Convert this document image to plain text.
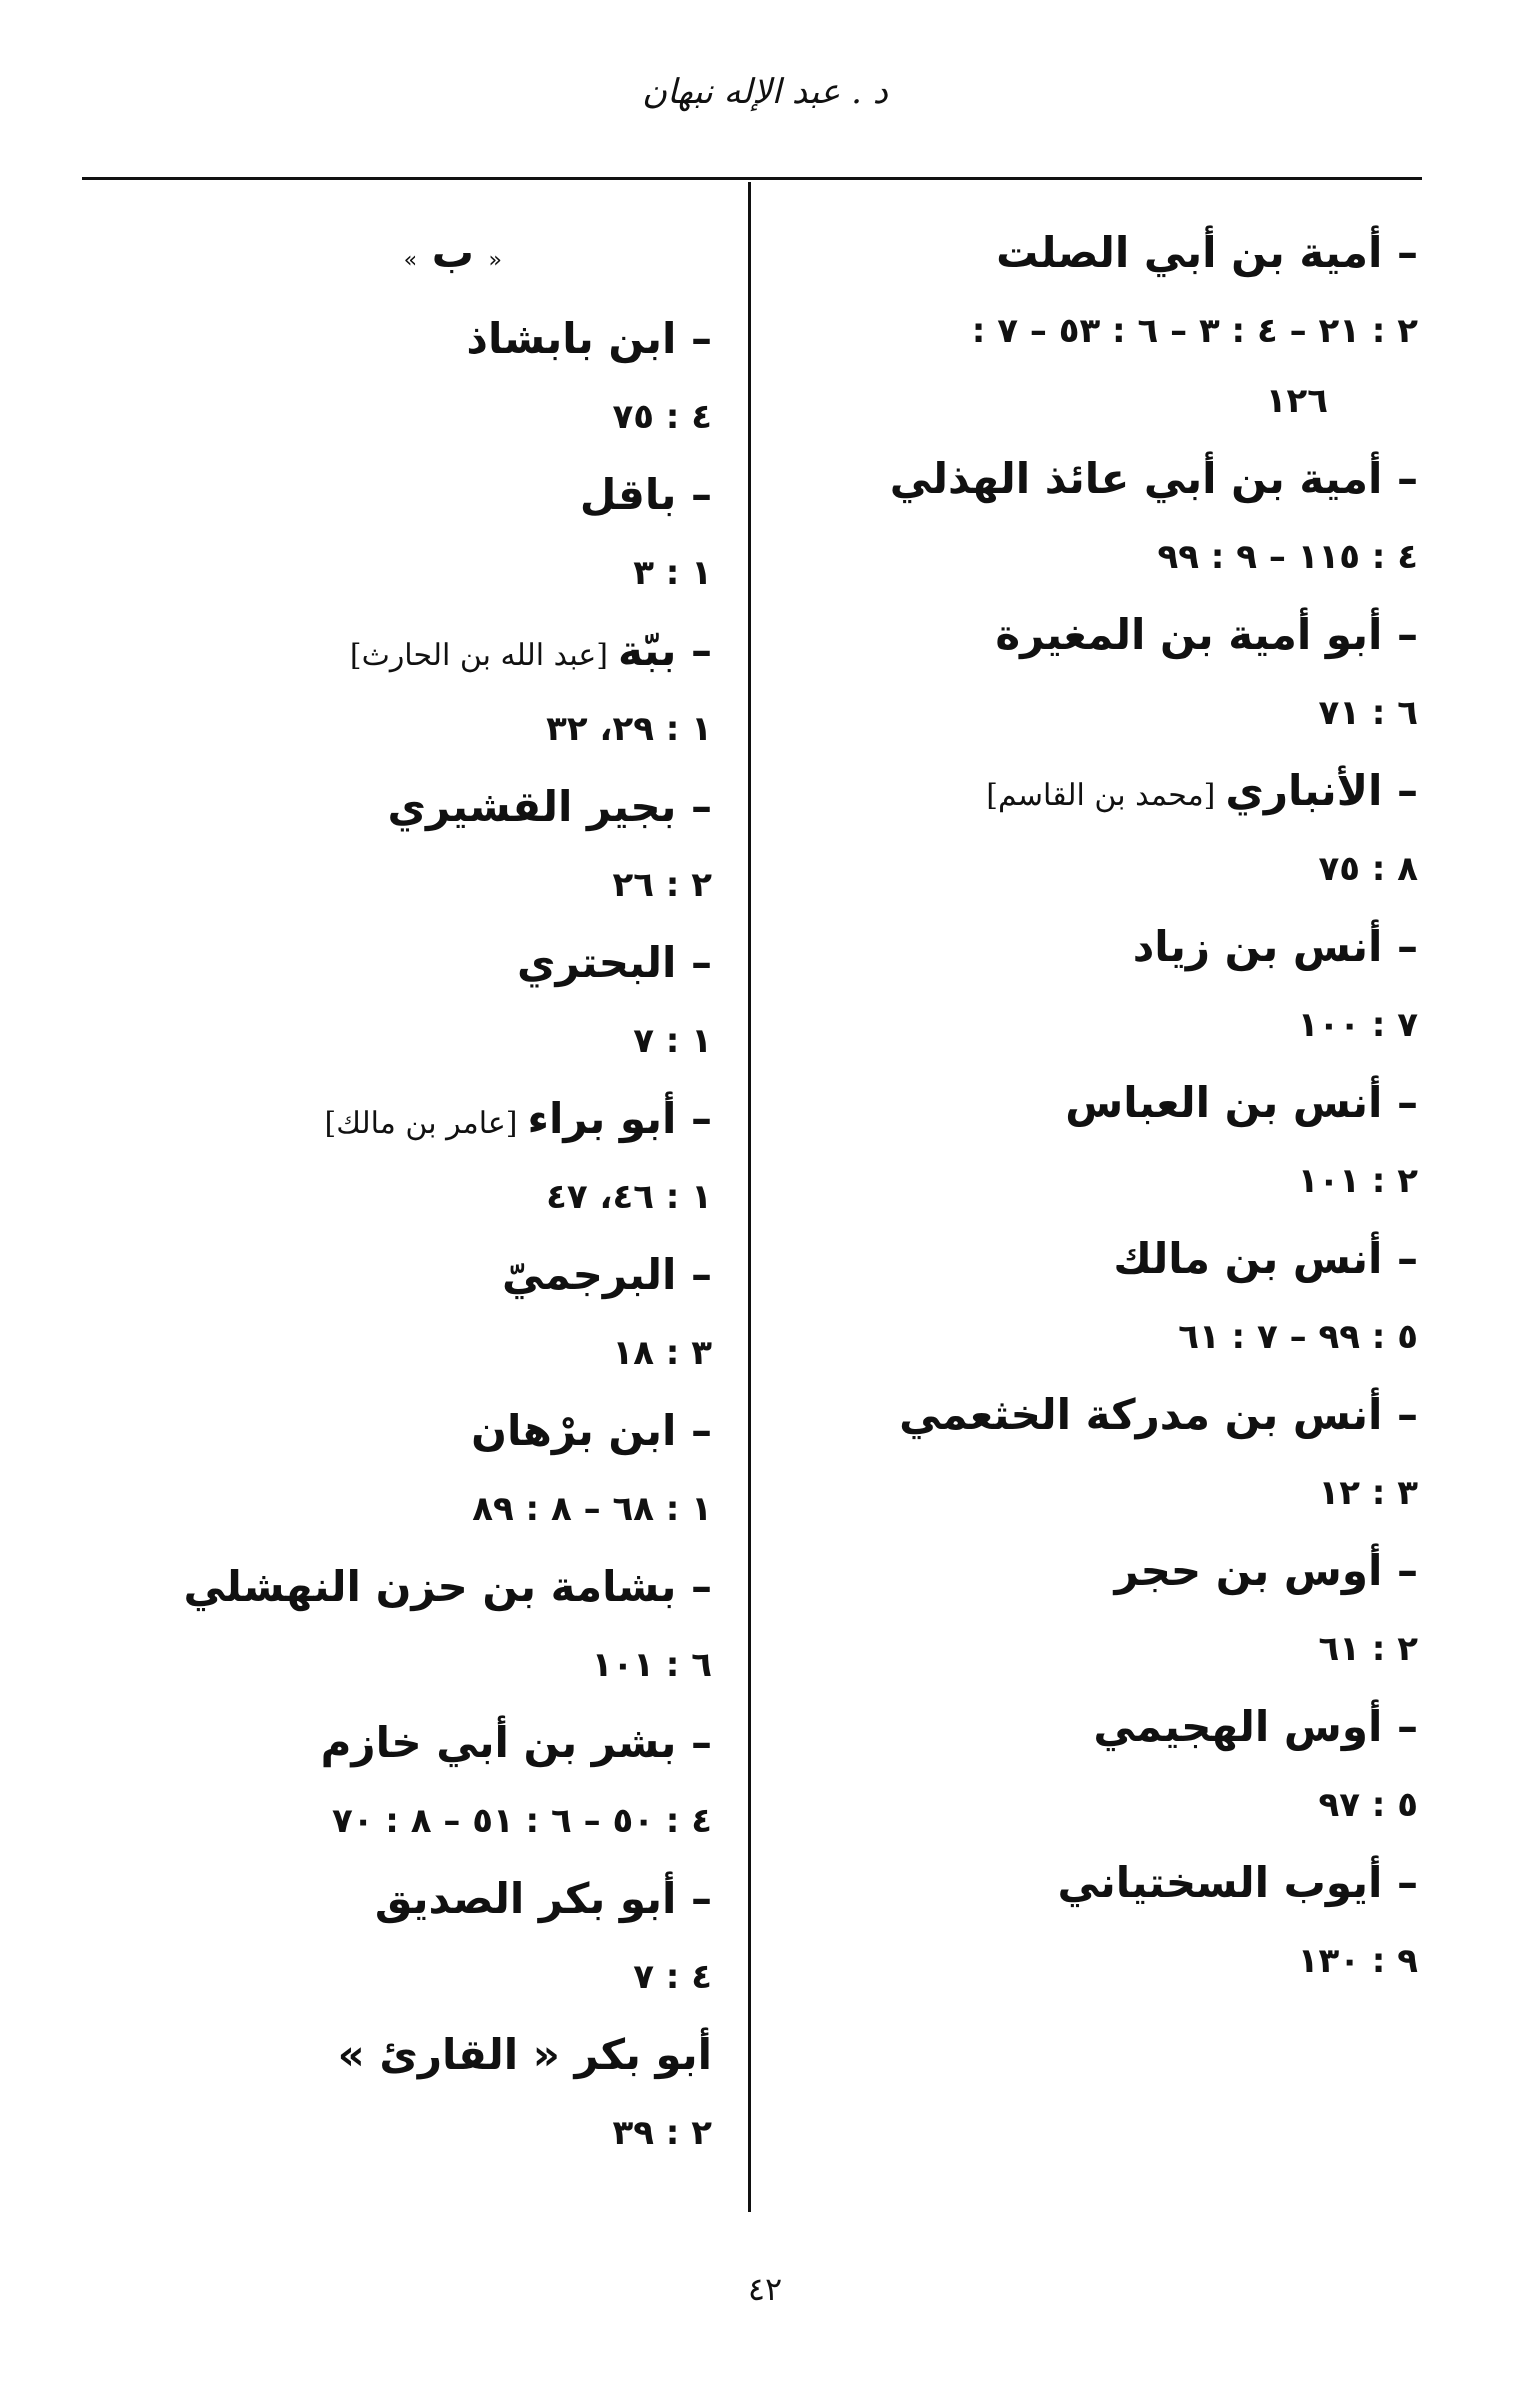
د . عبد الإله نبهان
– أمية بن أبي الصلت
٢ : ٢١ – ٤ : ٣ – ٦ : ٥٣ – ٧ :
١٢٦
– أمية بن أبي عائذ الهذلي
٤ : ١١٥ – ٩ : ٩٩
– أبو أمية بن المغيرة
٦ : ٧١
– الأنباري[محمد بن القاسم]
٨ : ٧٥
– أنس بن زياد
٧ : ١٠٠
– أنس بن العباس
٢ : ١٠١
– أنس بن مالك
٥ : ٩٩ – ٧ : ٦١
– أنس بن مدركة الخثعمي
٣ : ١٢
– أوس بن حجر
٢ : ٦١
– أوس الهجيمي
٥ : ٩٧
– أيوب السختياني
٩ : ١٣٠
« ب »
– ابن بابشاذ
٤ : ٧٥
– باقل
١ : ٣
– ببّة[عبد الله بن الحارث]
١ : ٢٩، ٣٢
– بجير القشيري
٢ : ٢٦
– البحتري
١ : ٧
– أبو براء[عامر بن مالك]
١ : ٤٦، ٤٧
– البرجميّ
٣ : ١٨
– ابن برْهان
١ : ٦٨ – ٨ : ٨٩
– بشامة بن حزن النهشلي
٦ : ١٠١
– بشر بن أبي خازم
٤ : ٥٠ – ٦ : ٥١ – ٨ : ٧٠
– أبو بكر الصديق
٤ : ٧
أبو بكر « القارئ »
٢ : ٣٩
٤٢
